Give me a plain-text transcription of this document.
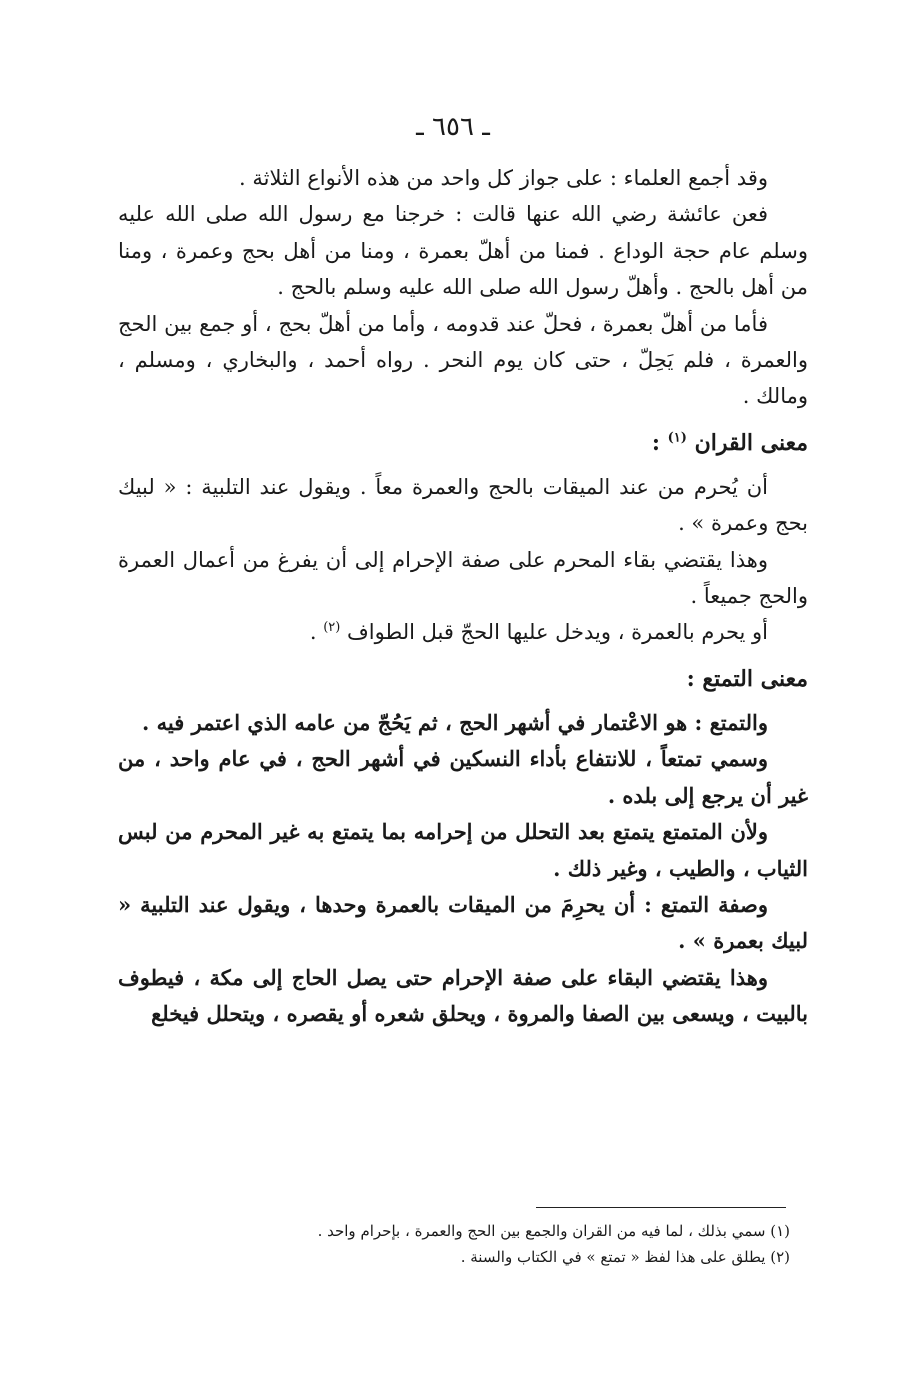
ـ ٦٥٦ ـ

وقد أجمع العلماء : على جواز كل واحد من هذه الأنواع الثلاثة .

فعن عائشة رضي الله عنها قالت : خرجنا مع رسول الله صلى الله عليه وسلم عام حجة الوداع . فمنا من أهلّ بعمرة ، ومنا من أهل بحج وعمرة ، ومنا من أهل بالحج . وأهلّ رسول الله صلى الله عليه وسلم بالحج .

فأما من أهلّ بعمرة ، فحلّ عند قدومه ، وأما من أهلّ بحج ، أو جمع بين الحج والعمرة ، فلم يَحِلّ ، حتى كان يوم النحر . رواه أحمد ، والبخاري ، ومسلم ، ومالك .

معنى القران $^{(١)}$ :

أن يُحرم من عند الميقات بالحج والعمرة معاً . ويقول عند التلبية : « لبيك بحج وعمرة » .

وهذا يقتضي بقاء المحرم على صفة الإحرام إلى أن يفرغ من أعمال العمرة والحج جميعاً .

أو يحرم بالعمرة ، ويدخل عليها الحجّ قبل الطواف $^{(٢)}$ .

معنى التمتع :

والتمتع : هو الاعْتمار في أشهر الحج ، ثم يَحُجّ من عامه الذي اعتمر فيه .

وسمي تمتعاً ، للانتفاع بأداء النسكين في أشهر الحج ، في عام واحد ، من غير أن يرجع إلى بلده .

ولأن المتمتع يتمتع بعد التحلل من إحرامه بما يتمتع به غير المحرم من لبس الثياب ، والطيب ، وغير ذلك .

وصفة التمتع : أن يحرِمَ من الميقات بالعمرة وحدها ، ويقول عند التلبية « لبيك بعمرة » .

وهذا يقتضي البقاء على صفة الإحرام حتى يصل الحاج إلى مكة ، فيطوف بالبيت ، ويسعى بين الصفا والمروة ، ويحلق شعره أو يقصره ، ويتحلل فيخلع

(١) سمي بذلك ، لما فيه من القران والجمع بين الحج والعمرة ، بإحرام واحد .
(٢) يطلق على هذا لفظ « تمتع » في الكتاب والسنة .
